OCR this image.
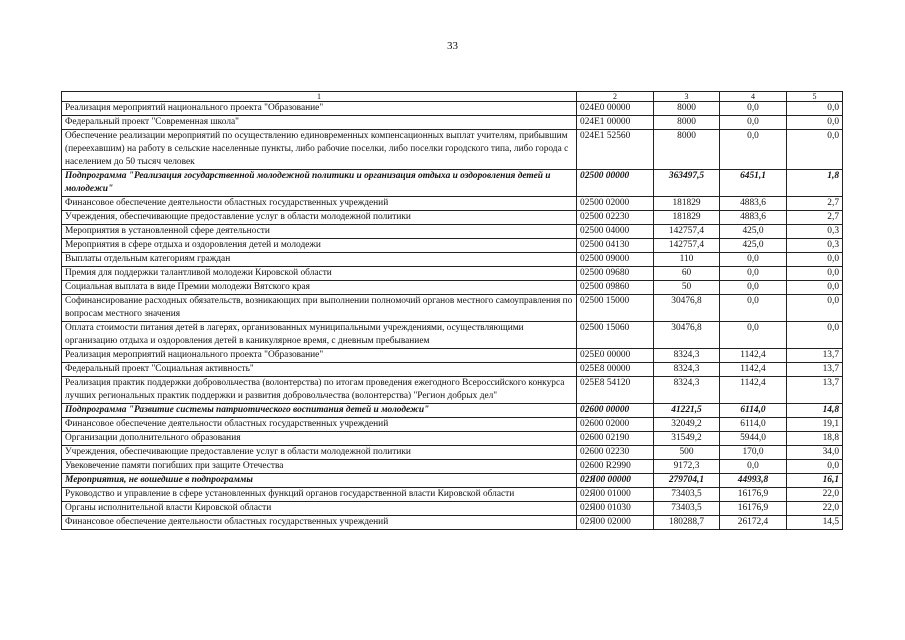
33
1	2	3	4	5
Реализация мероприятий национального проекта "Образование"	024E0 00000	8000	0,0	0,0
Федеральный проект "Современная школа"	024E1 00000	8000	0,0	0,0
Обеспечение реализации мероприятий по осуществлению единовременных компенсационных выплат учителям, прибывшим (переехавшим) на работу в сельские населенные пункты, либо рабочие поселки, либо поселки городского типа, либо города с населением до 50 тысяч человек	024E1 52560	8000	0,0	0,0
Подпрограмма "Реализация государственной молодежной политики и организация отдыха и оздоровления детей и молодежи"	02500 00000	363497,5	6451,1	1,8
Финансовое обеспечение деятельности областных государственных учреждений	02500 02000	181829	4883,6	2,7
Учреждения, обеспечивающие предоставление услуг в области молодежной политики	02500 02230	181829	4883,6	2,7
Мероприятия в установленной сфере деятельности	02500 04000	142757,4	425,0	0,3
Мероприятия в сфере отдыха и оздоровления детей и молодежи	02500 04130	142757,4	425,0	0,3
Выплаты отдельным категориям граждан	02500 09000	110	0,0	0,0
Премия для поддержки талантливой молодежи Кировской области	02500 09680	60	0,0	0,0
Социальная выплата в виде Премии молодежи Вятского края	02500 09860	50	0,0	0,0
Софинансирование расходных обязательств, возникающих при выполнении полномочий органов местного самоуправления по вопросам местного значения	02500 15000	30476,8	0,0	0,0
Оплата стоимости питания детей в лагерях, организованных муниципальными учреждениями, осуществляющими организацию отдыха и оздоровления детей в каникулярное время, с дневным пребыванием	02500 15060	30476,8	0,0	0,0
Реализация мероприятий национального проекта "Образование"	025E0 00000	8324,3	1142,4	13,7
Федеральный проект "Социальная активность"	025E8 00000	8324,3	1142,4	13,7
Реализация практик поддержки добровольчества (волонтерства) по итогам проведения ежегодного Всероссийского конкурса лучших региональных практик поддержки и развития добровольчества (волонтерства) "Регион добрых дел"	025E8 54120	8324,3	1142,4	13,7
Подпрограмма "Развитие системы патриотического воспитания детей и молодежи"	02600 00000	41221,5	6114,0	14,8
Финансовое обеспечение деятельности областных государственных учреждений	02600 02000	32049,2	6114,0	19,1
Организации дополнительного образования	02600 02190	31549,2	5944,0	18,8
Учреждения, обеспечивающие предоставление услуг в области молодежной политики	02600 02230	500	170,0	34,0
Увековечение памяти погибших при защите Отечества	02600 R2990	9172,3	0,0	0,0
Мероприятия, не вошедшие в подпрограммы	02Я00 00000	279704,1	44993,8	16,1
Руководство и управление в сфере установленных функций органов государственной власти Кировской области	02Я00 01000	73403,5	16176,9	22,0
Органы исполнительной власти Кировской области	02Я00 01030	73403,5	16176,9	22,0
Финансовое обеспечение деятельности областных государственных учреждений	02Я00 02000	180288,7	26172,4	14,5
